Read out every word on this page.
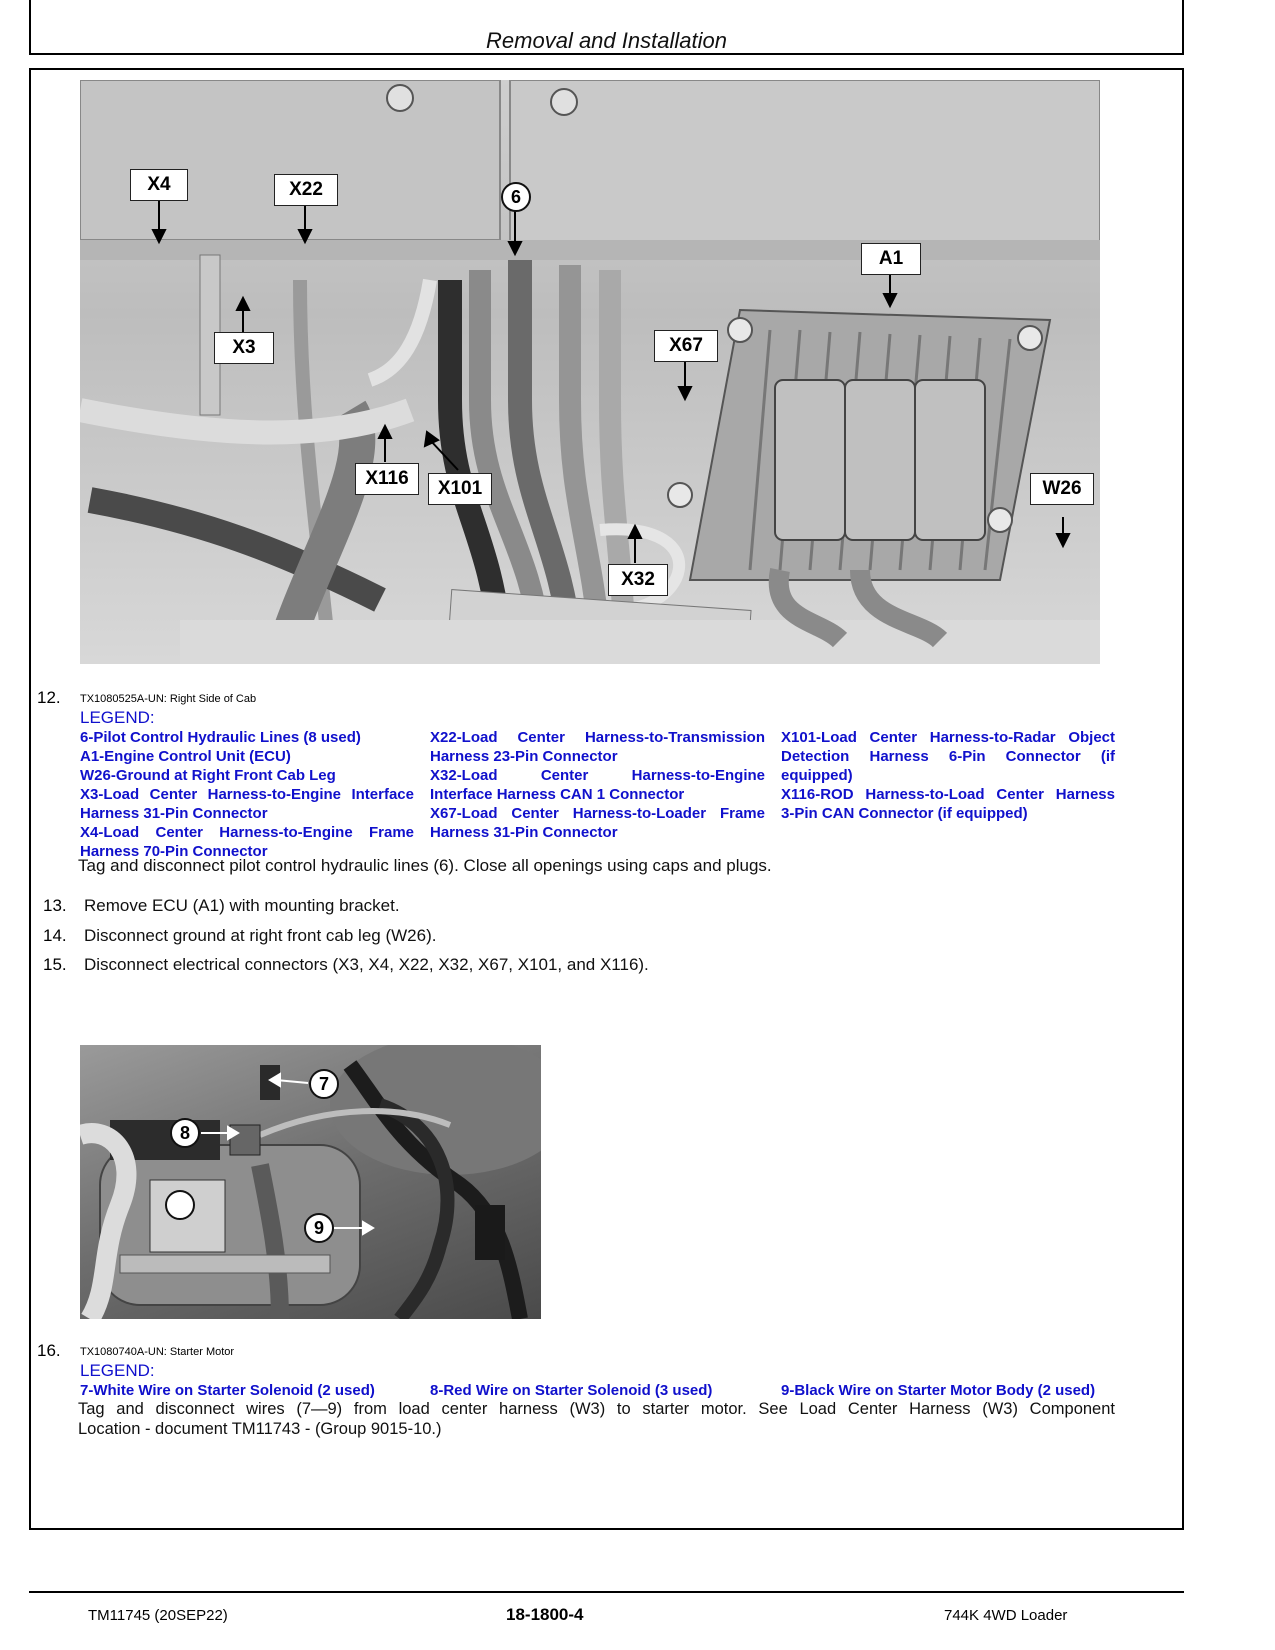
Removal and Installation
X4	X22	6
A1
X3	X67
X116	X101	W26
X32
12. TX1080525A-UN: Right Side of Cab
LEGEND:
6-Pilot Control Hydraulic Lines (8 used)
A1-Engine Control Unit (ECU)
W26-Ground at Right Front Cab Leg
X3-Load Center Harness-to-Engine Interface
Harness 31-Pin Connector
X4-Load Center Harness-to-Engine Frame
Harness 70-Pin Connector
X22-Load Center Harness-to-Transmission
Harness 23-Pin Connector
X32-Load Center Harness-to-Engine
Interface Harness CAN 1 Connector
X67-Load Center Harness-to-Loader Frame
Harness 31-Pin Connector
X101-Load Center Harness-to-Radar Object
Detection Harness 6-Pin Connector (if
equipped)
X116-ROD Harness-to-Load Center Harness
3-Pin CAN Connector (if equipped)
Tag and disconnect pilot control hydraulic lines (6). Close all openings using caps and plugs.
13. Remove ECU (A1) with mounting bracket.
14. Disconnect ground at right front cab leg (W26).
15. Disconnect electrical connectors (X3, X4, X22, X32, X67, X101, and X116).
7
8
9
16. TX1080740A-UN: Starter Motor
LEGEND:
7-White Wire on Starter Solenoid (2 used)	8-Red Wire on Starter Solenoid (3 used)	9-Black Wire on Starter Motor Body (2 used)
Tag and disconnect wires (7—9) from load center harness (W3) to starter motor. See Load Center Harness (W3) Component
Location - document TM11743 - (Group 9015-10.)
TM11745 (20SEP22)	18-1800-4	744K 4WD Loader
